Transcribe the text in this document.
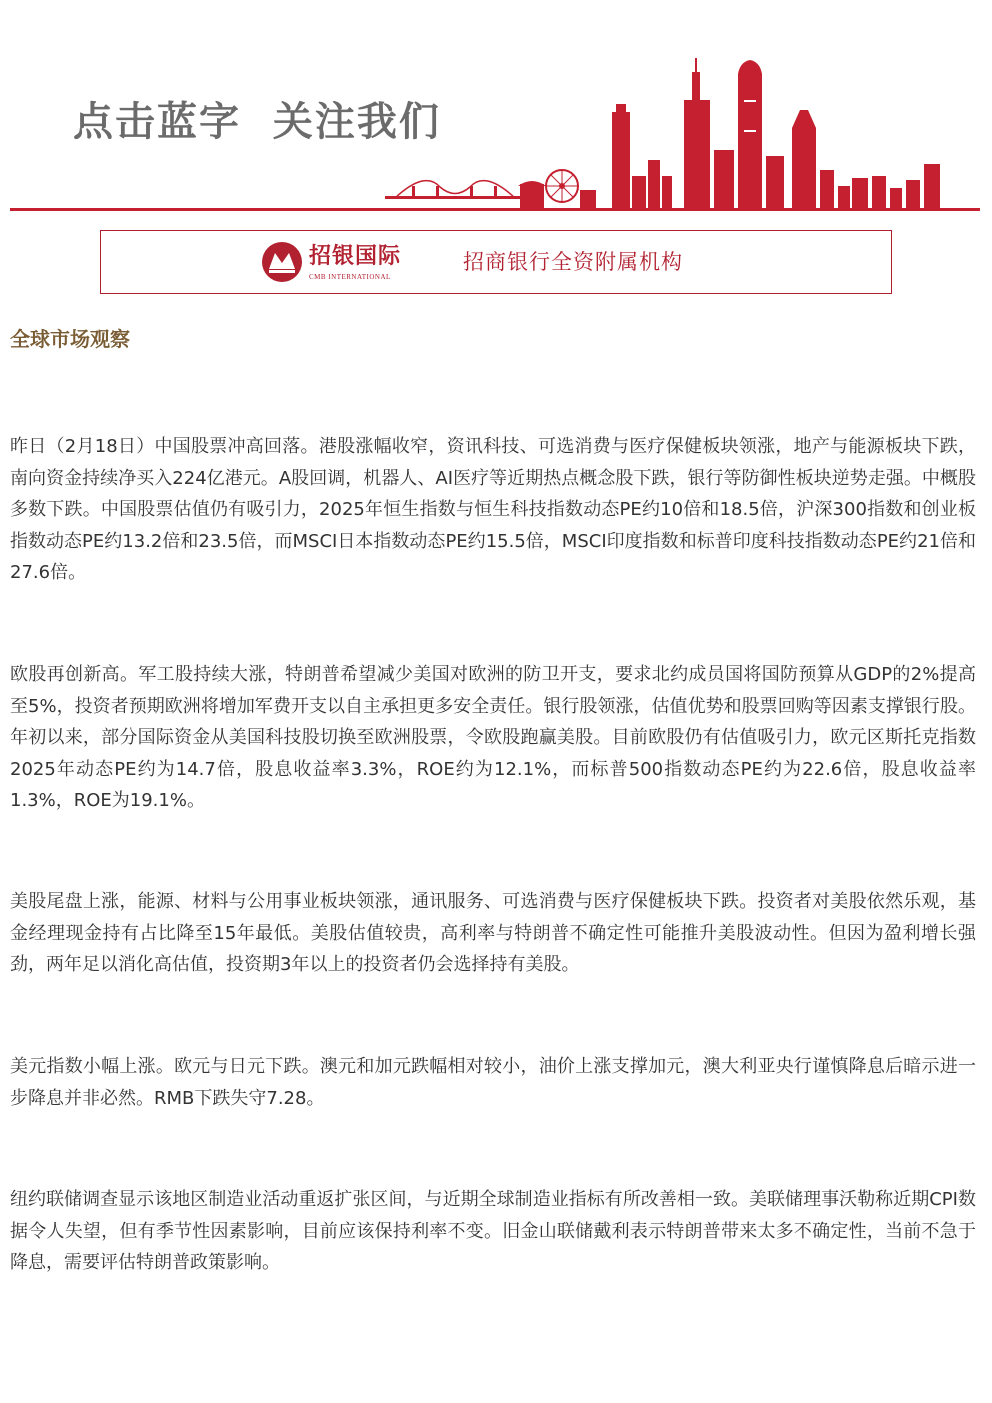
点击蓝字  关注我们
招银国际
CMB INTERNATIONAL
招商银行全资附属机构
全球市场观察

昨日（2月18日）中国股票冲高回落。港股涨幅收窄，资讯科技、可选消费与医疗保健板块领涨，地产与能源板块下跌，南向资金持续净买入224亿港元。A股回调，机器人、AI医疗等近期热点概念股下跌，银行等防御性板块逆势走强。中概股多数下跌。中国股票估值仍有吸引力，2025年恒生指数与恒生科技指数动态PE约10倍和18.5倍，沪深300指数和创业板指数动态PE约13.2倍和23.5倍，而MSCI日本指数动态PE约15.5倍，MSCI印度指数和标普印度科技指数动态PE约21倍和27.6倍。

欧股再创新高。军工股持续大涨，特朗普希望减少美国对欧洲的防卫开支，要求北约成员国将国防预算从GDP的2%提高至5%，投资者预期欧洲将增加军费开支以自主承担更多安全责任。银行股领涨，估值优势和股票回购等因素支撑银行股。年初以来，部分国际资金从美国科技股切换至欧洲股票，令欧股跑赢美股。目前欧股仍有估值吸引力，欧元区斯托克指数2025年动态PE约为14.7倍，股息收益率3.3%，ROE约为12.1%，而标普500指数动态PE约为22.6倍，股息收益率1.3%，ROE为19.1%。

美股尾盘上涨，能源、材料与公用事业板块领涨，通讯服务、可选消费与医疗保健板块下跌。投资者对美股依然乐观，基金经理现金持有占比降至15年最低。美股估值较贵，高利率与特朗普不确定性可能推升美股波动性。但因为盈利增长强劲，两年足以消化高估值，投资期3年以上的投资者仍会选择持有美股。

美元指数小幅上涨。欧元与日元下跌。澳元和加元跌幅相对较小，油价上涨支撑加元，澳大利亚央行谨慎降息后暗示进一步降息并非必然。RMB下跌失守7.28。

纽约联储调查显示该地区制造业活动重返扩张区间，与近期全球制造业指标有所改善相一致。美联储理事沃勒称近期CPI数据令人失望，但有季节性因素影响，目前应该保持利率不变。旧金山联储戴利表示特朗普带来太多不确定性，当前不急于降息，需要评估特朗普政策影响。
